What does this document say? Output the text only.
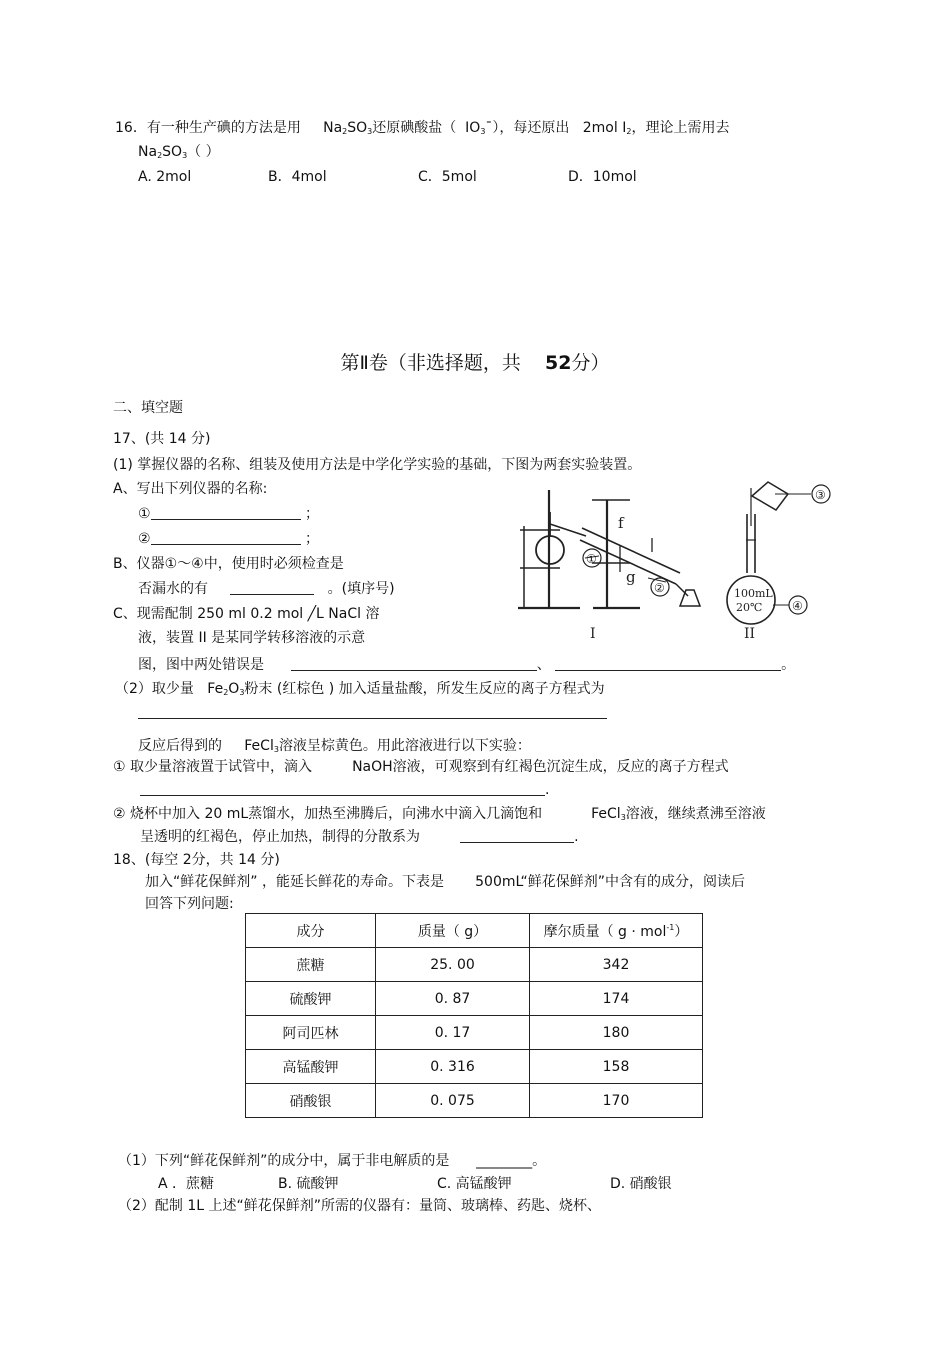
16．有一种生产碘的方法是用 $Na_2SO_3$还原碘酸盐（ $IO_3ˉ$），每还原出 2mol $I_2$，理论上需用去
$Na_2SO_3$（ ）
A. 2mol	B．4mol	C．5mol	D．10mol
第Ⅱ卷（非选择题，共 52分）
二、填空题
17、(共 14 分)
(1) 掌握仪器的名称、组装及使用方法是中学化学实验的基础，下图为两套实验装置。
A、写出下列仪器的名称:
①	；
②	；
B、仪器①～④中，使用时必须检查是
否漏水的有	。(填序号)
C、现需配制 250 ml 0.2 mol ╱L NaCl 溶
液，装置 II 是某同学转移溶液的示意
图，图中两处错误是	、	。
（2）取少量 $Fe_2O_3$粉末 (红棕色 ) 加入适量盐酸，所发生反应的离子方程式为
反应后得到的 FeCl$_3$溶液呈棕黄色。用此溶液进行以下实验：
① 取少量溶液置于试管中，滴入	NaOH溶液，可观察到有红褐色沉淀生成，反应的离子方程式
.
② 烧杯中加入 20 mL蒸馏水，加热至沸腾后，向沸水中滴入几滴饱和	FeCl$_3$溶液，继续煮沸至溶液
呈透明的红褐色，停止加热，制得的分散系为	.
①
②
③
④
f
g
100mL
20℃
I	II
18、(每空 2分，共 14 分)
加入“鲜花保鲜剂” ，能延长鲜花的寿命。下表是 500mL“鲜花保鲜剂”中含有的成分，阅读后
回答下列问题:
成分	质量（ g）	摩尔质量（ g · mol$^{-1}$）
蔗糖	25. 00	342
硫酸钾	0. 87	174
阿司匹林	0. 17	180
高锰酸钾	0. 316	158
硝酸银	0. 075	170
（1）下列“鲜花保鲜剂”的成分中，属于非电解质的是 ________。
A ．蔗糖	B. 硫酸钾	C. 高锰酸钾	D. 硝酸银
（2）配制 1L 上述“鲜花保鲜剂”所需的仪器有：量筒、玻璃棒、药匙、烧杯、
